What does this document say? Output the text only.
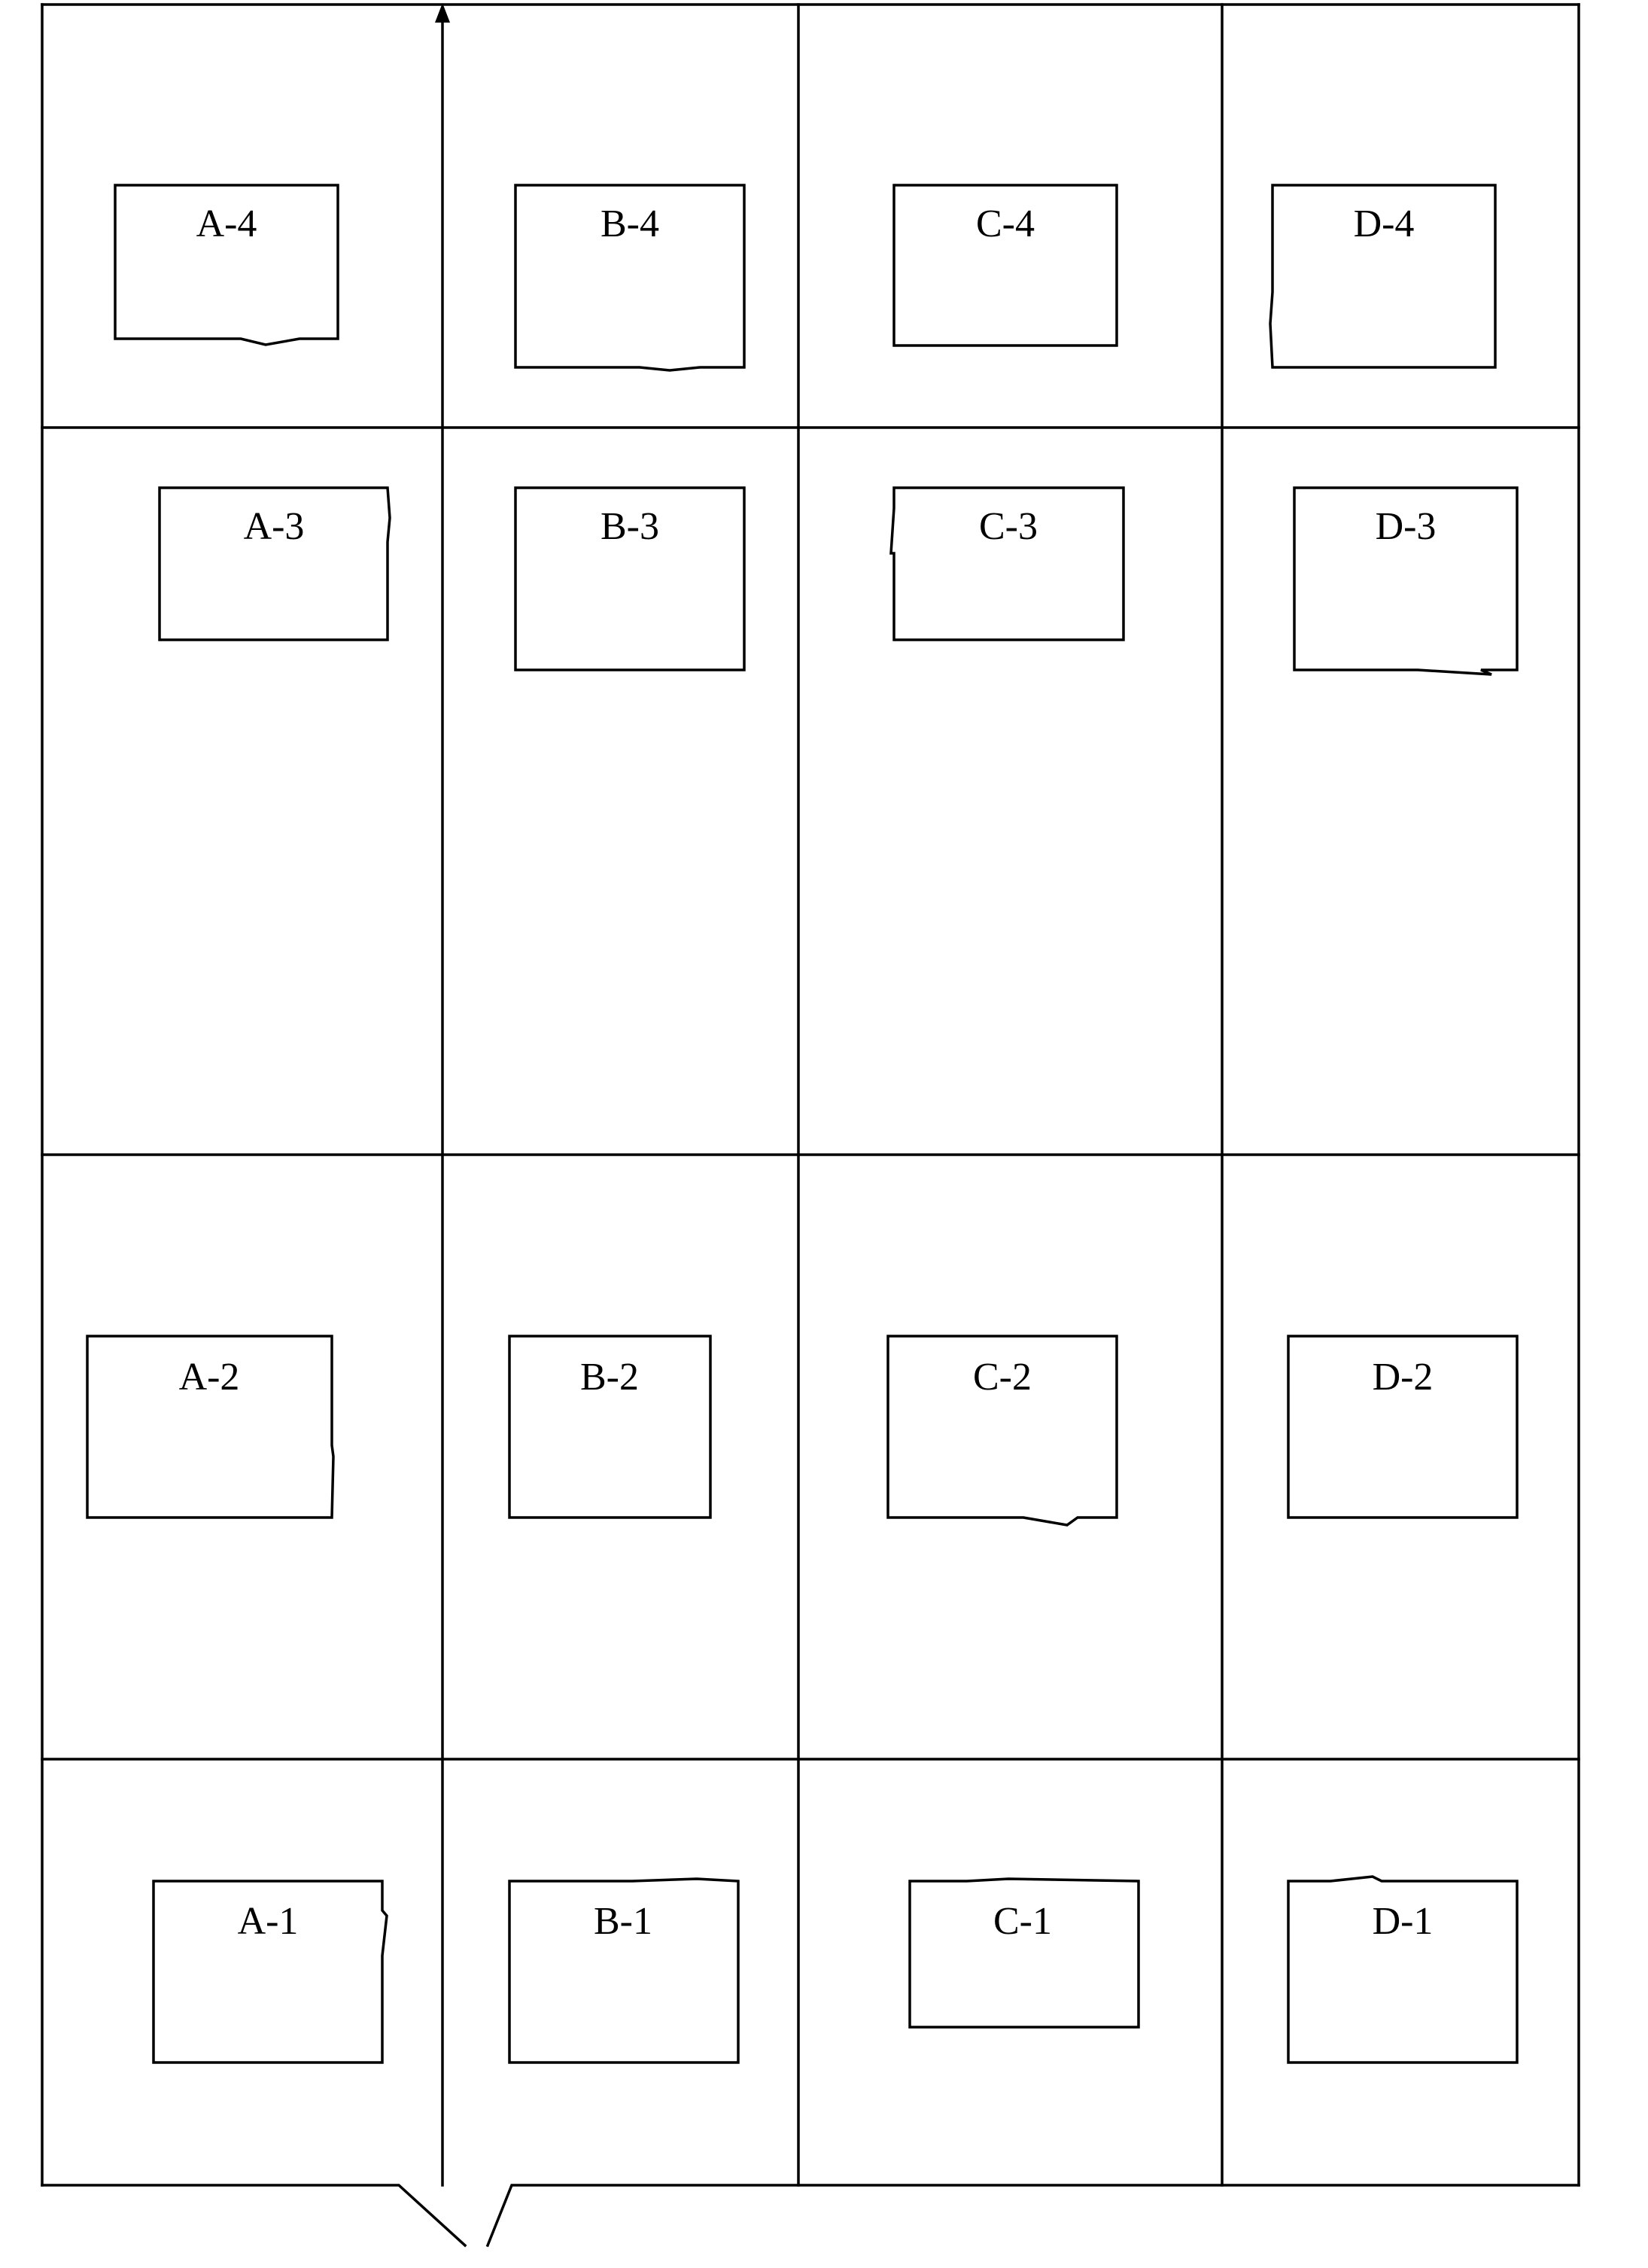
A-4	B-4	C-4	D-4
A-3	B-3	C-3	D-3
A-2	B-2	C-2	D-2
A-1	B-1	C-1	D-1
